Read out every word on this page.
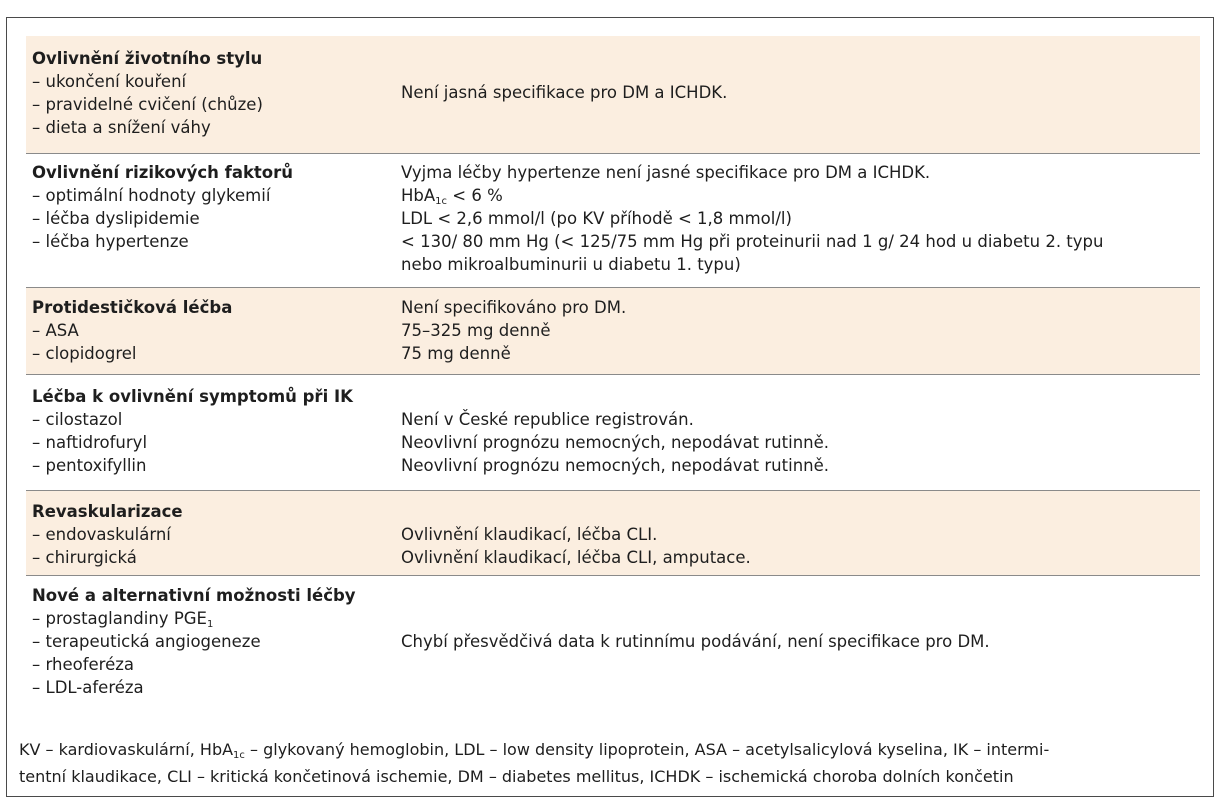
Ovlivnění životního stylu
– ukončení kouření
– pravidelné cvičení (chůze)
– dieta a snížení váhy
Není jasná specifikace pro DM a ICHDK.
Ovlivnění rizikových faktorů
– optimální hodnoty glykemií
– léčba dyslipidemie
– léčba hypertenze
Vyjma léčby hypertenze není jasné specifikace pro DM a ICHDK.
HbA$_{1c}$ < 6 %
LDL < 2,6 mmol/l (po KV příhodě < 1,8 mmol/l)
< 130/ 80 mm Hg (< 125/75 mm Hg při proteinurii nad 1 g/ 24 hod u diabetu 2. typu
nebo mikroalbuminurii u diabetu 1. typu)
Protidestičková léčba
– ASA
– clopidogrel
Není specifikováno pro DM.
75–325 mg denně
75 mg denně
Léčba k ovlivnění symptomů při IK
– cilostazol
– naftidrofuryl
– pentoxifyllin
Není v České republice registrován.
Neovlivní prognózu nemocných, nepodávat rutinně.
Neovlivní prognózu nemocných, nepodávat rutinně.
Revaskularizace
– endovaskulární
– chirurgická
Ovlivnění klaudikací, léčba CLI.
Ovlivnění klaudikací, léčba CLI, amputace.
Nové a alternativní možnosti léčby
– prostaglandiny $PGE_1$
– terapeutická angiogeneze
– rheoferéza
– LDL-aferéza
Chybí přesvědčivá data k rutinnímu podávání, není specifikace pro DM.
KV – kardiovaskulární, HbA$_{1c}$ – glykovaný hemoglobin, LDL – low density lipoprotein, ASA – acetylsalicylová kyselina, IK – intermi-
tentní klaudikace, CLI – kritická končetinová ischemie, DM – diabetes mellitus, ICHDK – ischemická choroba dolních končetin
